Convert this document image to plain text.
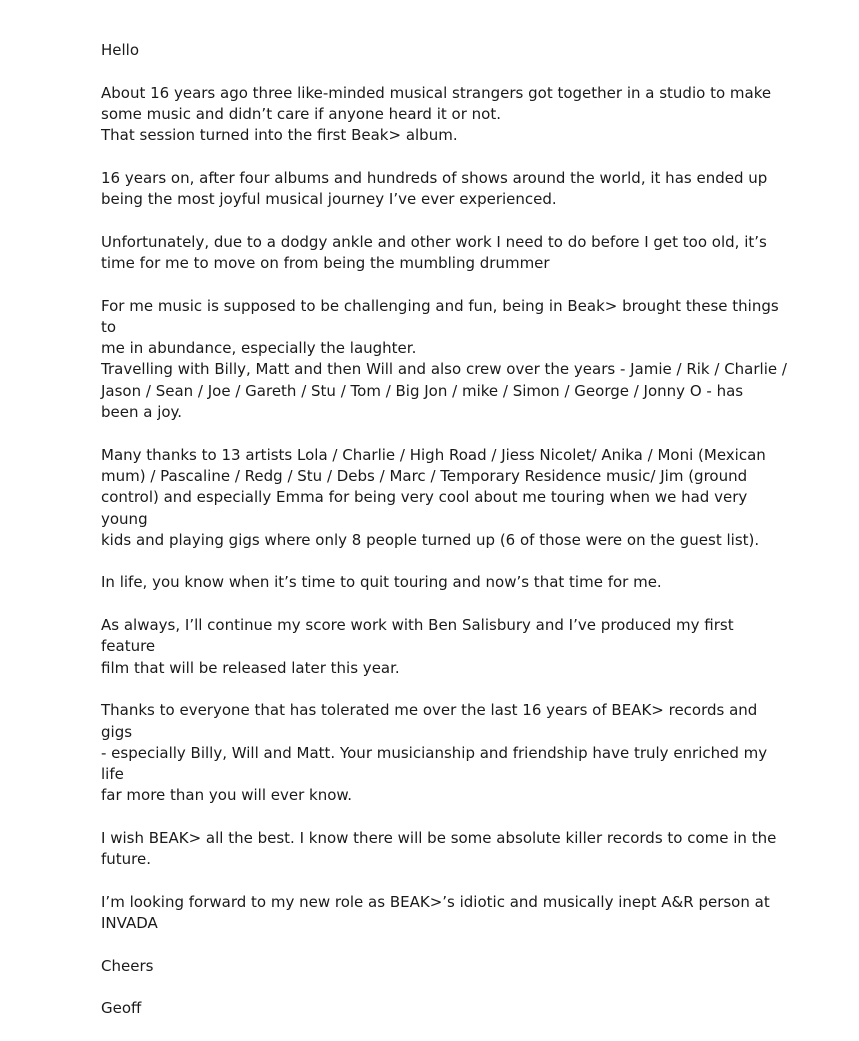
Hello

About 16 years ago three like-minded musical strangers got together in a studio to make
some music and didn’t care if anyone heard it or not.
That session turned into the first Beak> album.

16 years on, after four albums and hundreds of shows around the world, it has ended up
being the most joyful musical journey I’ve ever experienced.

Unfortunately, due to a dodgy ankle and other work I need to do before I get too old, it’s
time for me to move on from being the mumbling drummer

For me music is supposed to be challenging and fun, being in Beak> brought these things to
me in abundance, especially the laughter.
Travelling with Billy, Matt and then Will and also crew over the years - Jamie / Rik / Charlie /
Jason / Sean / Joe / Gareth / Stu / Tom / Big Jon / mike / Simon / George / Jonny O - has
been a joy.

Many thanks to 13 artists Lola / Charlie / High Road / Jiess Nicolet/ Anika / Moni (Mexican
mum) / Pascaline / Redg / Stu / Debs / Marc / Temporary Residence music/ Jim (ground
control) and especially Emma for being very cool about me touring when we had very young
kids and playing gigs where only 8 people turned up (6 of those were on the guest list).

In life, you know when it’s time to quit touring and now’s that time for me.

As always, I’ll continue my score work with Ben Salisbury and I’ve produced my first feature
film that will be released later this year.

Thanks to everyone that has tolerated me over the last 16 years of BEAK> records and gigs
- especially Billy, Will and Matt. Your musicianship and friendship have truly enriched my life
far more than you will ever know.

I wish BEAK> all the best. I know there will be some absolute killer records to come in the
future.

I’m looking forward to my new role as BEAK>’s idiotic and musically inept A&R person at
INVADA

Cheers

Geoff
